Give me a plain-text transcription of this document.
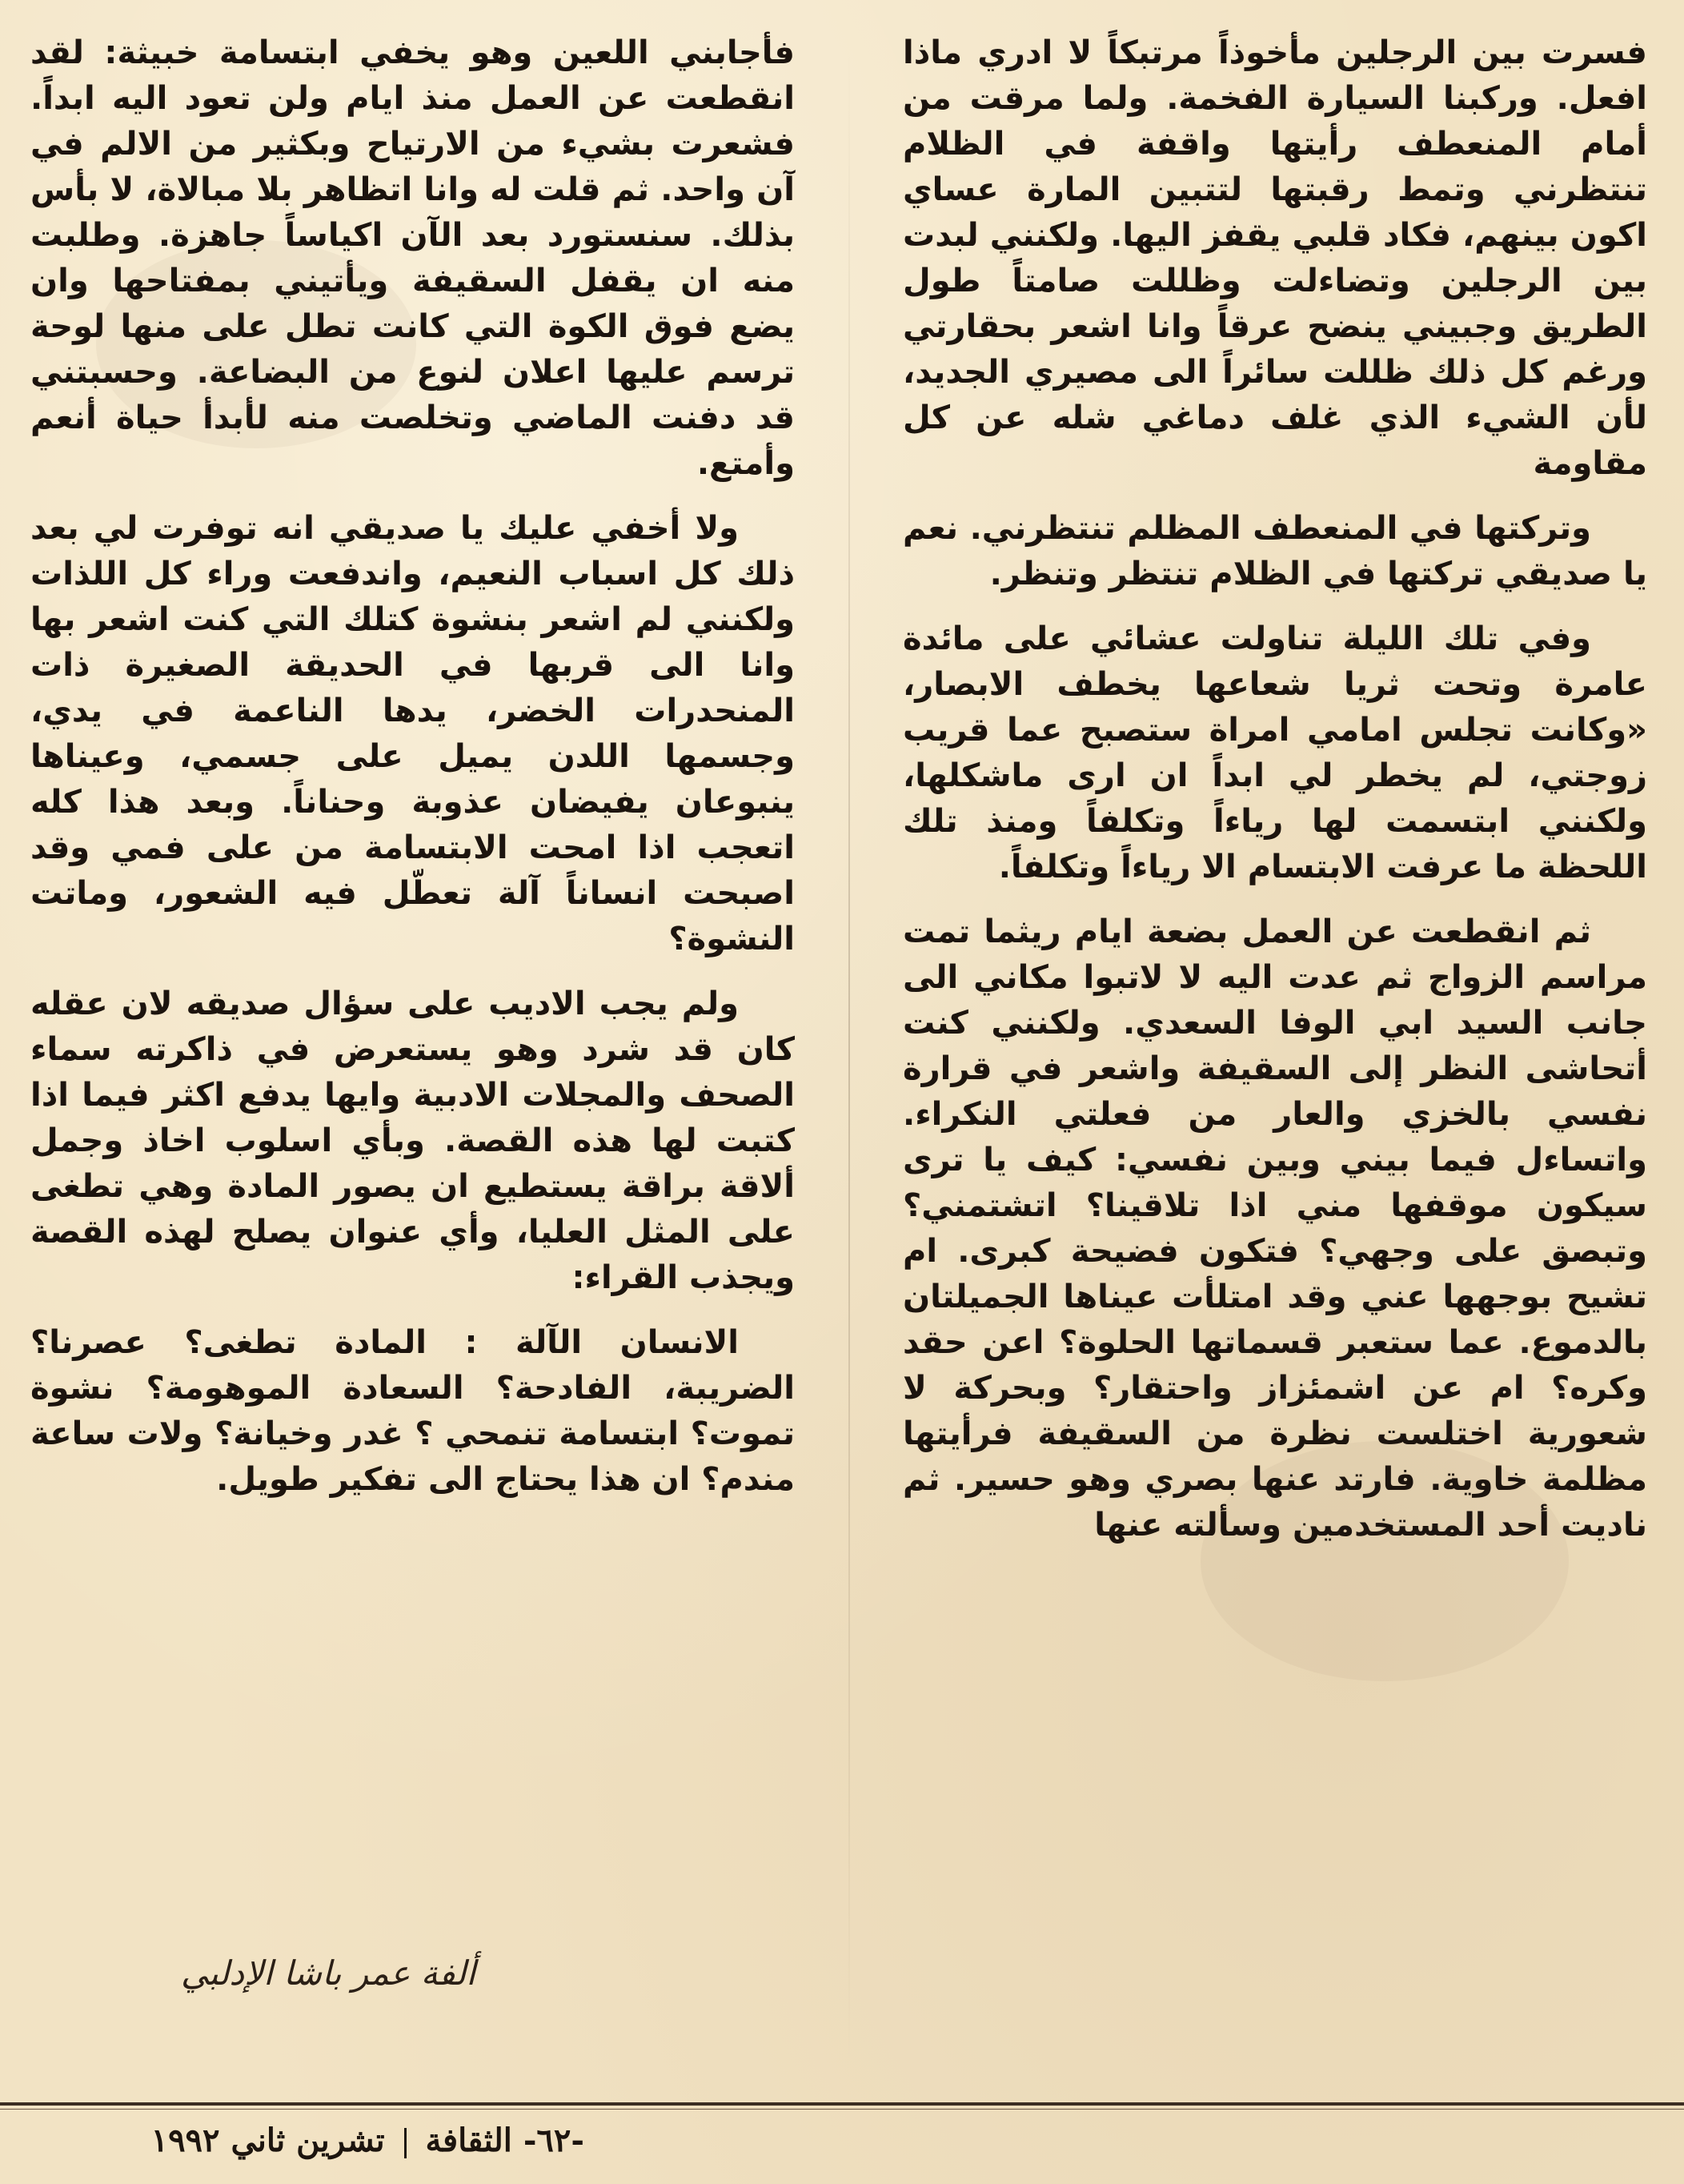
فسرت بين الرجلين مأخوذاً مرتبكاً لا ادري ماذا افعل. وركبنا السيارة الفخمة. ولما مرقت من أمام المنعطف رأيتها واقفة في الظلام تنتظرني وتمط رقبتها لتتبين المارة عساي اكون بينهم، فكاد قلبي يقفز اليها. ولكنني لبدت بين الرجلين وتضاءلت وظللت صامتاً طول الطريق وجبيني ينضح عرقاً وانا اشعر بحقارتي ورغم كل ذلك ظللت سائراً الى مصيري الجديد، لأن الشيء الذي غلف دماغي شله عن كل مقاومة

وتركتها في المنعطف المظلم تنتظرني. نعم يا صديقي تركتها في الظلام تنتظر وتنظر.

وفي تلك الليلة تناولت عشائي على مائدة عامرة وتحت ثريا شعاعها يخطف الابصار، «وكانت تجلس امامي امراة ستصبح عما قريب زوجتي، لم يخطر لي ابداً ان ارى ماشكلها، ولكنني ابتسمت لها رياءاً وتكلفاً ومنذ تلك اللحظة ما عرفت الابتسام الا رياءاً وتكلفاً.

ثم انقطعت عن العمل بضعة ايام ريثما تمت مراسم الزواج ثم عدت اليه لا لاتبوا مكاني الى جانب السيد ابي الوفا السعدي. ولكنني كنت أتحاشى النظر إلى السقيفة واشعر في قرارة نفسي بالخزي والعار من فعلتي النكراء. واتساءل فيما بيني وبين نفسي: كيف يا ترى سيكون موقفها مني اذا تلاقينا؟ اتشتمني؟ وتبصق على وجهي؟ فتكون فضيحة كبرى. ام تشيح بوجهها عني وقد امتلأت عيناها الجميلتان بالدموع. عما ستعبر قسماتها الحلوة؟ اعن حقد وكره؟ ام عن اشمئزاز واحتقار؟ وبحركة لا شعورية اختلست نظرة من السقيفة فرأيتها مظلمة خاوية. فارتد عنها بصري وهو حسير. ثم ناديت أحد المستخدمين وسألته عنها

فأجابني اللعين وهو يخفي ابتسامة خبيثة: لقد انقطعت عن العمل منذ ايام ولن تعود اليه ابداً. فشعرت بشيء من الارتياح وبكثير من الالم في آن واحد. ثم قلت له وانا اتظاهر بلا مبالاة، لا بأس بذلك. سنستورد بعد الآن اكياساً جاهزة. وطلبت منه ان يقفل السقيفة ويأتيني بمفتاحها وان يضع فوق الكوة التي كانت تطل على منها لوحة ترسم عليها اعلان لنوع من البضاعة. وحسبتني قد دفنت الماضي وتخلصت منه لأبدأ حياة أنعم وأمتع.

ولا أخفي عليك يا صديقي انه توفرت لي بعد ذلك كل اسباب النعيم، واندفعت وراء كل اللذات ولكنني لم اشعر بنشوة كتلك التي كنت اشعر بها وانا الى قربها في الحديقة الصغيرة ذات المنحدرات الخضر، يدها الناعمة في يدي، وجسمها اللدن يميل على جسمي، وعيناها ينبوعان يفيضان عذوبة وحناناً. وبعد هذا كله اتعجب اذا امحت الابتسامة من على فمي وقد اصبحت انساناً آلة تعطّل فيه الشعور، وماتت النشوة؟

ولم يجب الاديب على سؤال صديقه لان عقله كان قد شرد وهو يستعرض في ذاكرته سماء الصحف والمجلات الادبية وايها يدفع اكثر فيما اذا كتبت لها هذه القصة. وبأي اسلوب اخاذ وجمل ألاقة براقة يستطيع ان يصور المادة وهي تطغى على المثل العليا، وأي عنوان يصلح لهذه القصة ويجذب القراء:

الانسان الآلة : المادة تطغى؟ عصرنا؟ الضريبة، الفادحة؟ السعادة الموهومة؟ نشوة تموت؟ ابتسامة تنمحي ؟ غدر وخيانة؟ ولات ساعة مندم؟ ان هذا يحتاج الى تفكير طويل.

ألفة عمر باشا الإدلبي
-٦٢- الثقافة  تشرين ثاني ١٩٩٢
